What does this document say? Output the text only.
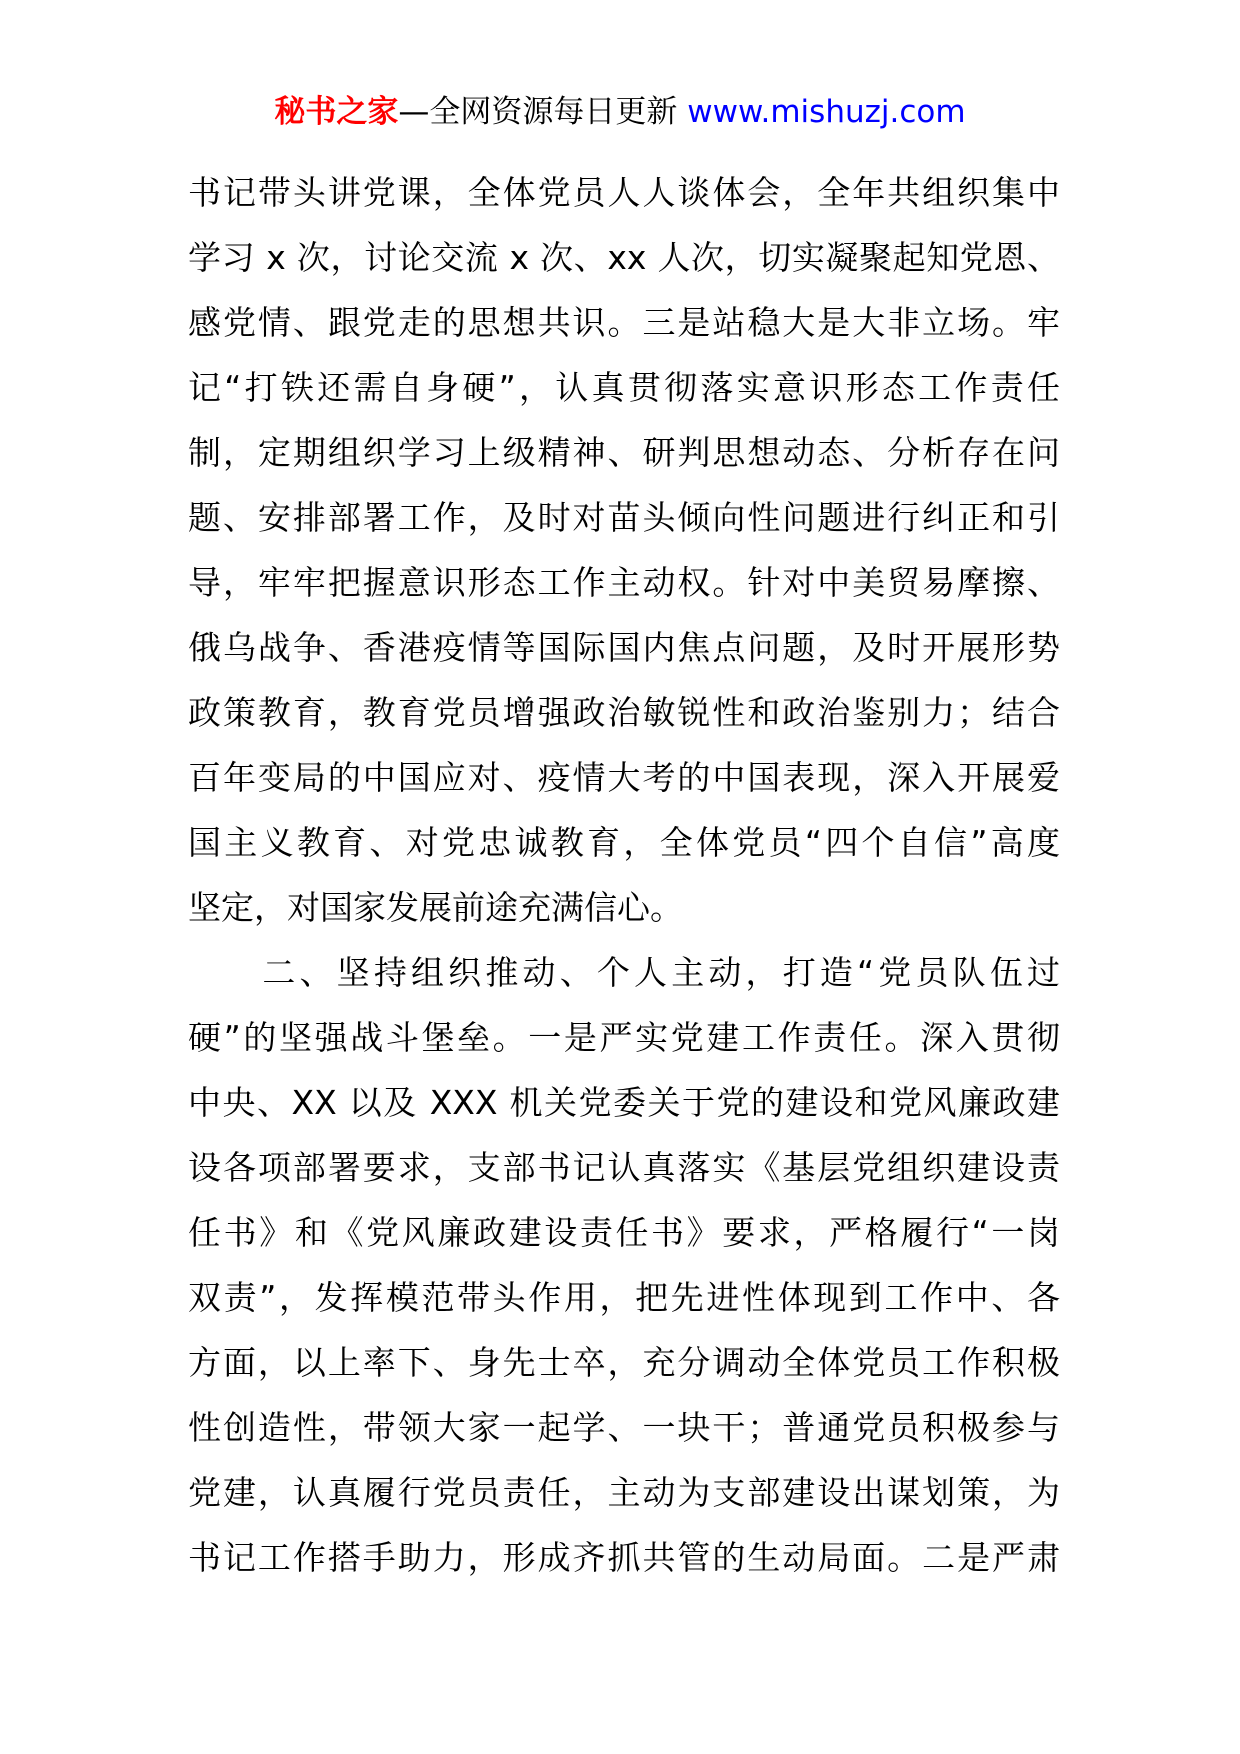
秘书之家—全网资源每日更新 www.mishuzj.com
书记带头讲党课，全体党员人人谈体会，全年共组织集中
学习 x 次，讨论交流 x 次、xx 人次，切实凝聚起知党恩、
感党情、跟党走的思想共识。三是站稳大是大非立场。牢
记“打铁还需自身硬”，认真贯彻落实意识形态工作责任
制，定期组织学习上级精神、研判思想动态、分析存在问
题、安排部署工作，及时对苗头倾向性问题进行纠正和引
导，牢牢把握意识形态工作主动权。针对中美贸易摩擦、
俄乌战争、香港疫情等国际国内焦点问题，及时开展形势
政策教育，教育党员增强政治敏锐性和政治鉴别力；结合
百年变局的中国应对、疫情大考的中国表现，深入开展爱
国主义教育、对党忠诚教育，全体党员“四个自信”高度
坚定，对国家发展前途充满信心。
　　二、坚持组织推动、个人主动，打造“党员队伍过
硬”的坚强战斗堡垒。一是严实党建工作责任。深入贯彻
中央、XX 以及 XXX 机关党委关于党的建设和党风廉政建
设各项部署要求，支部书记认真落实《基层党组织建设责
任书》和《党风廉政建设责任书》要求，严格履行“一岗
双责”，发挥模范带头作用，把先进性体现到工作中、各
方面，以上率下、身先士卒，充分调动全体党员工作积极
性创造性，带领大家一起学、一块干；普通党员积极参与
党建，认真履行党员责任，主动为支部建设出谋划策，为
书记工作搭手助力，形成齐抓共管的生动局面。二是严肃
